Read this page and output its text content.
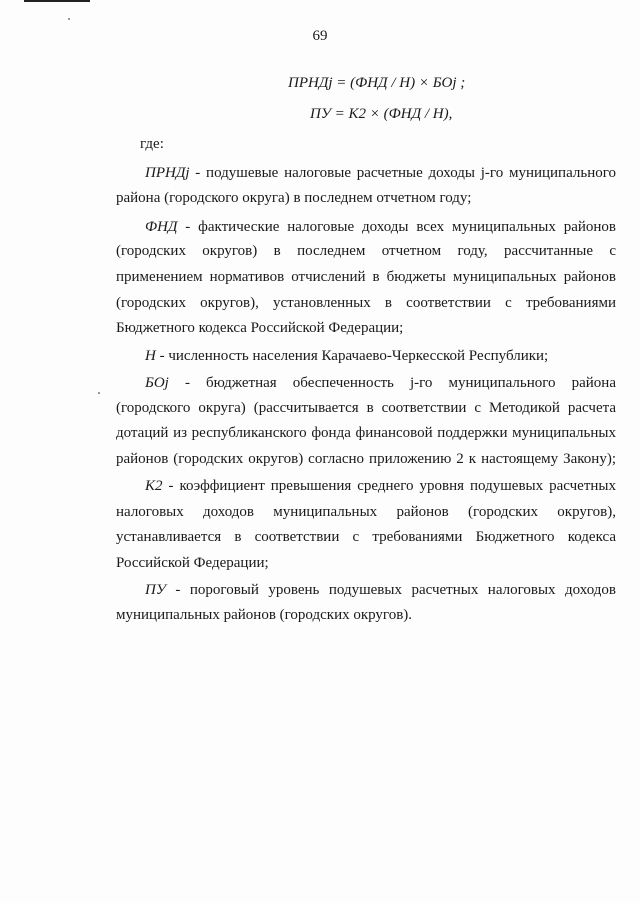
69
ПРНДj = (ФНД / Н) × БОj ;
ПУ = K2 × (ФНД / Н),
где:
ПРНДj - подушевые налоговые расчетные доходы j-го муниципального
района (городского округа) в последнем отчетном году;
ФНД - фактические налоговые доходы всех муниципальных районов
(городских округов) в последнем отчетном году, рассчитанные с
применением нормативов отчислений в бюджеты муниципальных районов
(городских округов), установленных в соответствии с требованиями
Бюджетного кодекса Российской Федерации;
Н - численность населения Карачаево-Черкесской Республики;
БОj - бюджетная обеспеченность j-го муниципального района
(городского округа) (рассчитывается в соответствии с Методикой расчета
дотаций из республиканского фонда финансовой поддержки муниципальных
районов (городских округов) согласно приложению 2 к настоящему Закону);
K2 - коэффициент превышения среднего уровня подушевых расчетных
налоговых доходов муниципальных районов (городских округов),
устанавливается в соответствии с требованиями Бюджетного кодекса
Российской Федерации;
ПУ - пороговый уровень подушевых расчетных налоговых доходов
муниципальных районов (городских округов).
